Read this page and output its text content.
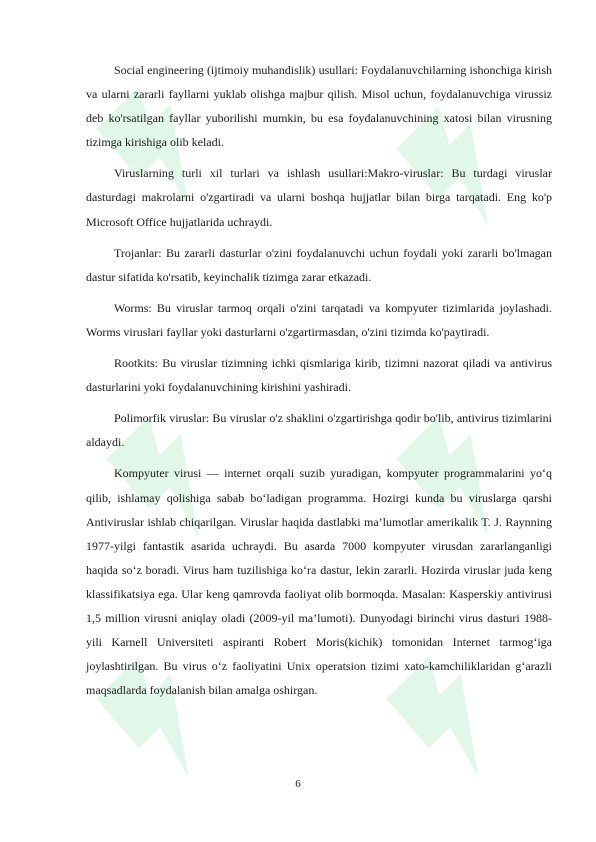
Social engineering (ijtimoiy muhandislik) usullari: Foydalanuvchilarning ishonchiga kirish va ularni zararli fayllarni yuklab olishga majbur qilish. Misol uchun, foydalanuvchiga virussiz deb ko'rsatilgan fayllar yuborilishi mumkin, bu esa foydalanuvchining xatosi bilan virusning tizimga kirishiga olib keladi.

Viruslarning turli xil turlari va ishlash usullari:Makro-viruslar: Bu turdagi viruslar dasturdagi makrolarni o'zgartiradi va ularni boshqa hujjatlar bilan birga tarqatadi. Eng ko'p Microsoft Office hujjatlarida uchraydi.

Trojanlar: Bu zararli dasturlar o'zini foydalanuvchi uchun foydali yoki zararli bo'lmagan dastur sifatida ko'rsatib, keyinchalik tizimga zarar etkazadi.

Worms: Bu viruslar tarmoq orqali o'zini tarqatadi va kompyuter tizimlarida joylashadi. Worms viruslari fayllar yoki dasturlarni o'zgartirmasdan, o'zini tizimda ko'paytiradi.

Rootkits: Bu viruslar tizimning ichki qismlariga kirib, tizimni nazorat qiladi va antivirus dasturlarini yoki foydalanuvchining kirishini yashiradi.

Polimorfik viruslar: Bu viruslar o'z shaklini o'zgartirishga qodir bo'lib, antivirus tizimlarini aldaydi.

Kompyuter virusi — internet orqali suzib yuradigan, kompyuter programmalarini yo‘q qilib, ishlamay qolishiga sabab bo‘ladigan programma. Hozirgi kunda bu viruslarga qarshi Antiviruslar ishlab chiqarilgan. Viruslar haqida dastlabki ma’lumotlar amerikalik T. J. Raynning 1977-yilgi fantastik asarida uchraydi. Bu asarda 7000 kompyuter virusdan zararlanganligi haqida so‘z boradi. Virus ham tuzilishiga ko‘ra dastur, lekin zararli. Hozirda viruslar juda keng klassifikatsiya ega. Ular keng qamrovda faoliyat olib bormoqda. Masalan: Kasperskiy antivirusi 1,5 million virusni aniqlay oladi (2009-yil ma’lumoti). Dunyodagi birinchi virus dasturi 1988-yili Karnell Universiteti aspiranti Robert Moris(kichik) tomonidan Internet tarmog‘iga joylashtirilgan. Bu virus o‘z faoliyatini Unix operatsion tizimi xato-kamchiliklaridan g‘arazli maqsadlarda foydalanish bilan amalga oshirgan.

6
